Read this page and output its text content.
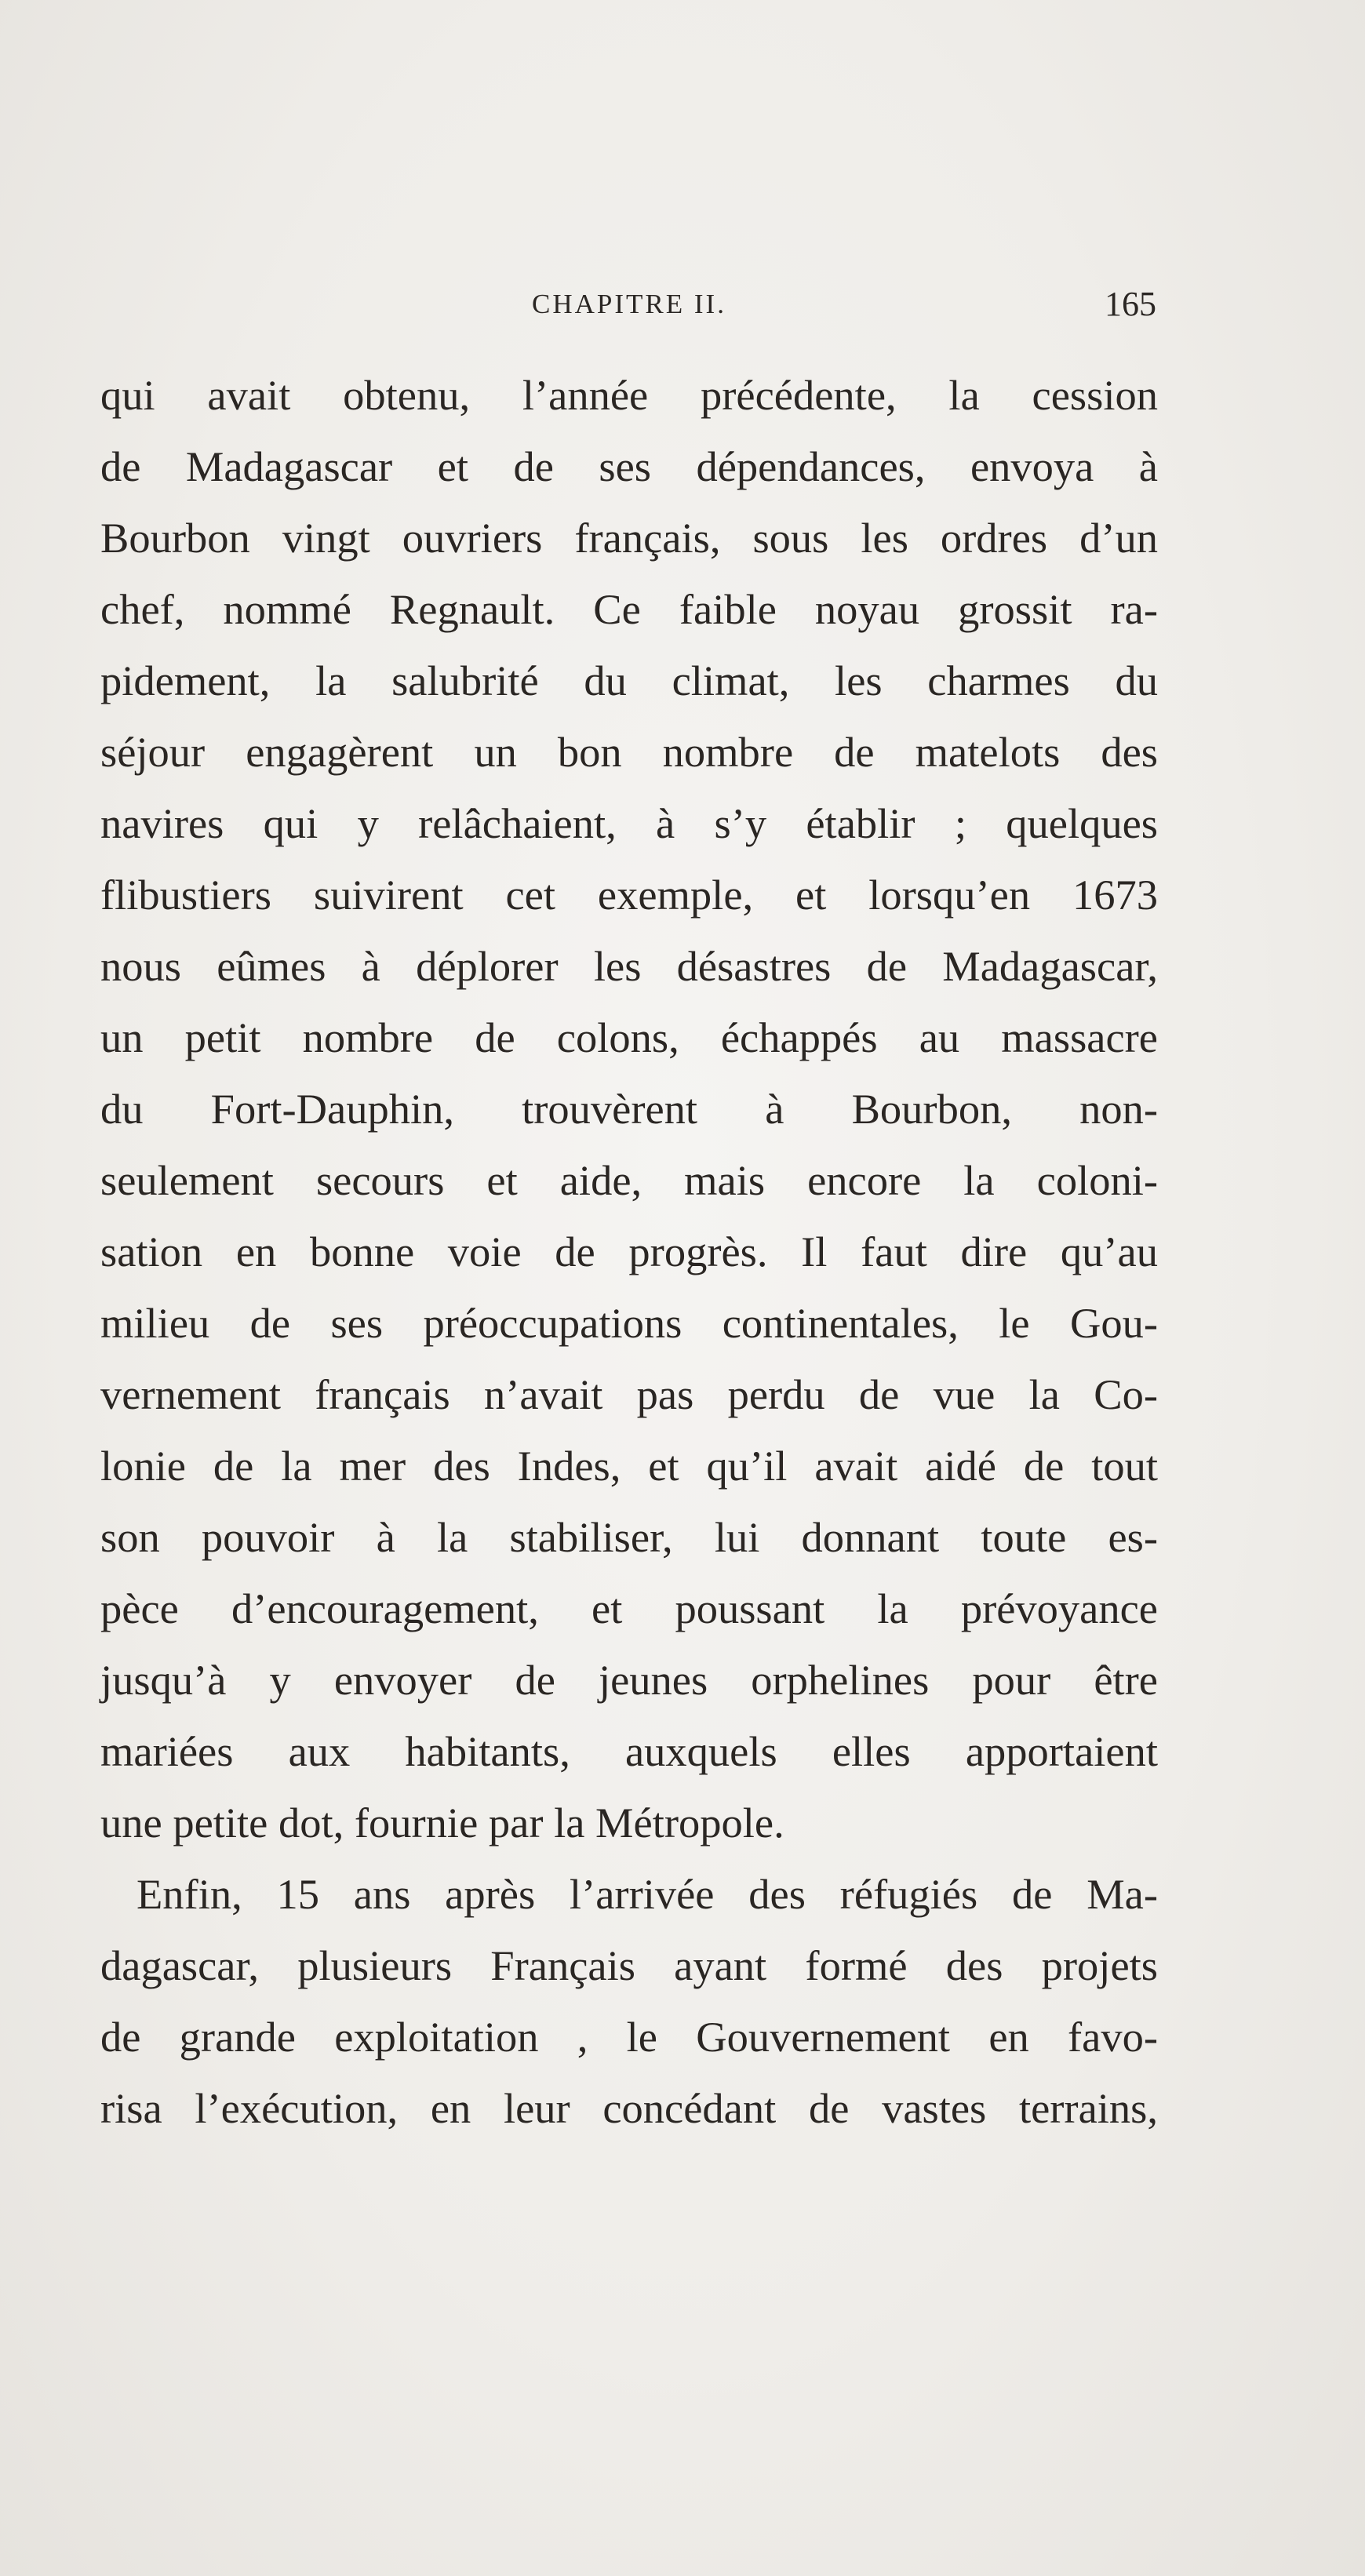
CHAPITRE II.	165
qui avait obtenu, l’année précédente, la cession
de Madagascar et de ses dépendances, envoya à
Bourbon vingt ouvriers français, sous les ordres d’un
chef, nommé Regnault. Ce faible noyau grossit ra-
pidement, la salubrité du climat, les charmes du
séjour engagèrent un bon nombre de matelots des
navires qui y relâchaient, à s’y établir ; quelques
flibustiers suivirent cet exemple, et lorsqu’en 1673
nous eûmes à déplorer les désastres de Madagascar,
un petit nombre de colons, échappés au massacre
du Fort-Dauphin, trouvèrent à Bourbon, non-
seulement secours et aide, mais encore la coloni-
sation en bonne voie de progrès. Il faut dire qu’au
milieu de ses préoccupations continentales, le Gou-
vernement français n’avait pas perdu de vue la Co-
lonie de la mer des Indes, et qu’il avait aidé de tout
son pouvoir à la stabiliser, lui donnant toute es-
pèce d’encouragement, et poussant la prévoyance
jusqu’à y envoyer de jeunes orphelines pour être
mariées aux habitants, auxquels elles apportaient
une petite dot, fournie par la Métropole.
Enfin, 15 ans après l’arrivée des réfugiés de Ma-
dagascar, plusieurs Français ayant formé des projets
de grande exploitation , le Gouvernement en favo-
risa l’exécution, en leur concédant de vastes terrains,
